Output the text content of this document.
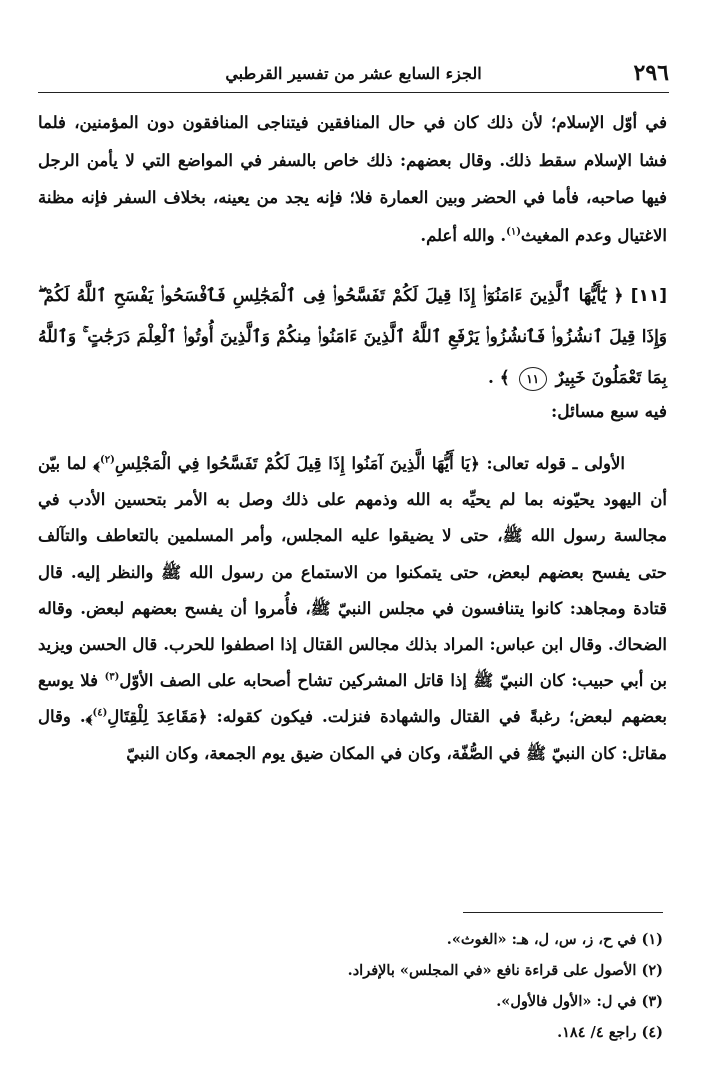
٢٩٦
الجزء السابع عشر من تفسير القرطبي

في أوّل الإسلام؛ لأن ذلك كان في حال المنافقين فيتناجى المنافقون دون المؤمنين، فلما فشا الإسلام سقط ذلك. وقال بعضهم: ذلك خاص بالسفر في المواضع التي لا يأمن الرجل فيها صاحبه، فأما في الحضر وبين العمارة فلا؛ فإنه يجد من يعينه، بخلاف السفر فإنه مظنة الاغتيال وعدم المغيث$^{(١)}$. والله أعلم.

[١١] ﴿ يَٰٓأَيُّهَا ٱلَّذِينَ ءَامَنُوٓا۟ إِذَا قِيلَ لَكُمْ تَفَسَّحُوا۟ فِى ٱلْمَجَٰلِسِ فَٱفْسَحُوا۟ يَفْسَحِ ٱللَّهُ لَكُمْ ۖ وَإِذَا قِيلَ ٱنشُزُوا۟ فَٱنشُزُوا۟ يَرْفَعِ ٱللَّهُ ٱلَّذِينَ ءَامَنُوا۟ مِنكُمْ وَٱلَّذِينَ أُوتُوا۟ ٱلْعِلْمَ دَرَجَٰتٍ ۚ وَٱللَّهُ بِمَا تَعْمَلُونَ خَبِيرٌ ١١ ﴾ .
فيه سبع مسائل:

الأولى ـ قوله تعالى: ﴿يَا أَيُّهَا الَّذِينَ آمَنُوا إِذَا قِيلَ لَكُمْ تَفَسَّحُوا فِي الْمَجْلِسِ$^{(٢)}$﴾ لما بيّن أن اليهود يحيّونه بما لم يحيِّه به الله وذمهم على ذلك وصل به الأمر بتحسين الأدب في مجالسة رسول الله ﷺ، حتى لا يضيقوا عليه المجلس، وأمر المسلمين بالتعاطف والتآلف حتى يفسح بعضهم لبعض، حتى يتمكنوا من الاستماع من رسول الله ﷺ والنظر إليه. قال قتادة ومجاهد: كانوا يتنافسون في مجلس النبيّ ﷺ، فأُمروا أن يفسح بعضهم لبعض. وقاله الضحاك. وقال ابن عباس: المراد بذلك مجالس القتال إذا اصطفوا للحرب. قال الحسن ويزيد بن أبي حبيب: كان النبيّ ﷺ إذا قاتل المشركين تشاح أصحابه على الصف الأوّل$^{(٣)}$ فلا يوسع بعضهم لبعض؛ رغبةً في القتال والشهادة فنزلت. فيكون كقوله: ﴿مَقَاعِدَ لِلْقِتَالِ$^{(٤)}$﴾. وقال مقاتل: كان النبيّ ﷺ في الصُّفّة، وكان في المكان ضيق يوم الجمعة، وكان النبيّ

(١) في ح، ز، س، ل، هـ: «الغوث».
(٢) الأصول على قراءة نافع «في المجلس» بالإفراد.
(٣) في ل: «الأول فالأول».
(٤) راجع ٤/ ١٨٤.
